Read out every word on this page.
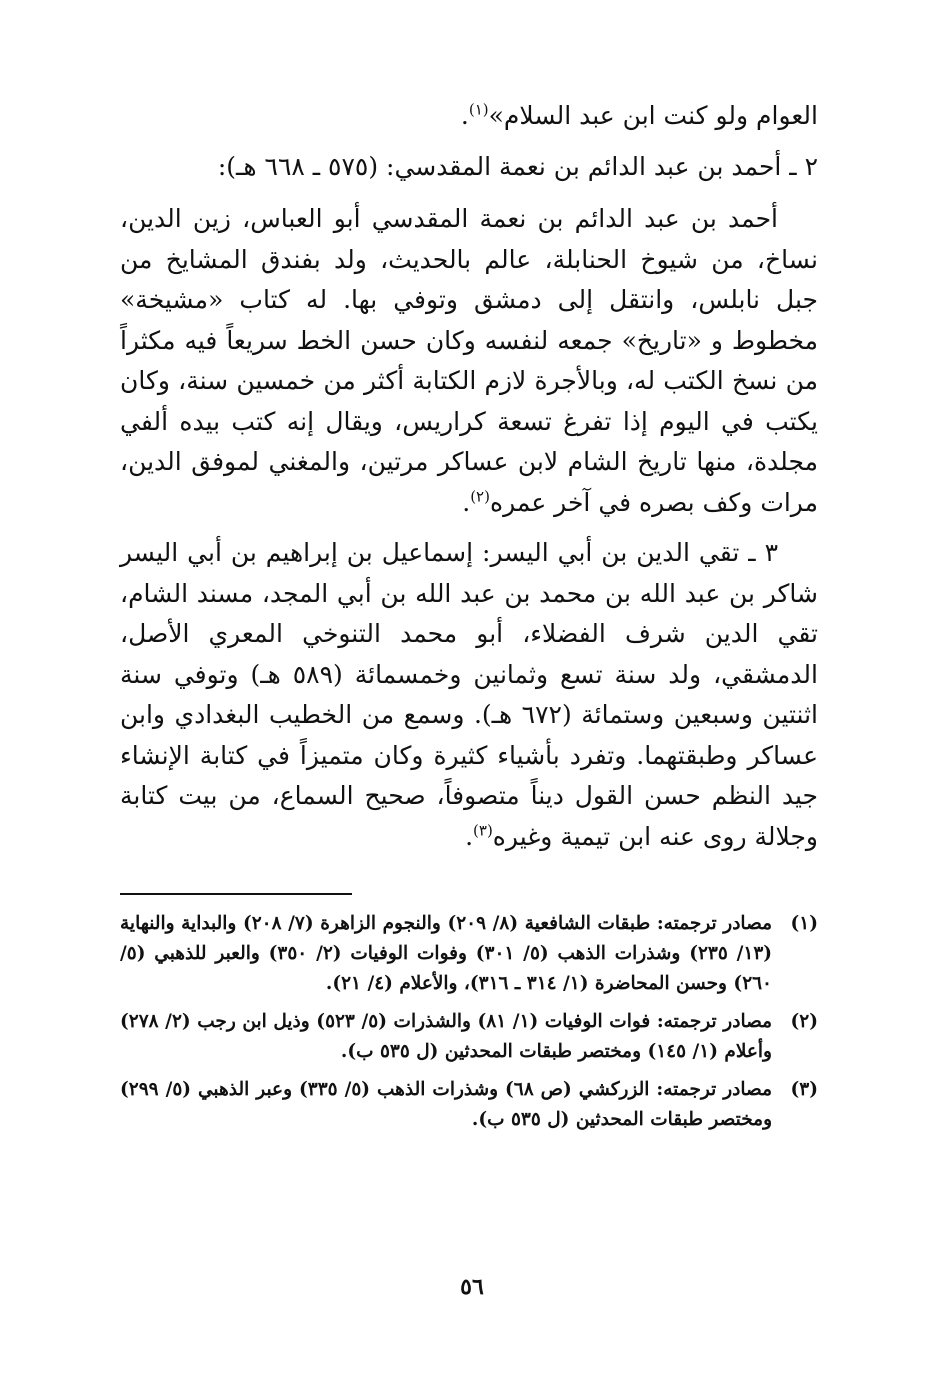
العوام ولو كنت ابن عبد السلام»$^{(١)}$.

٢ ـ أحمد بن عبد الدائم بن نعمة المقدسي: (٥٧٥ ـ ٦٦٨ هـ):

أحمد بن عبد الدائم بن نعمة المقدسي أبو العباس، زين الدين، نساخ، من شيوخ الحنابلة، عالم بالحديث، ولد بفندق المشايخ من جبل نابلس، وانتقل إلى دمشق وتوفي بها. له كتاب «مشيخة» مخطوط و «تاريخ» جمعه لنفسه وكان حسن الخط سريعاً فيه مكثراً من نسخ الكتب له، وبالأجرة لازم الكتابة أكثر من خمسين سنة، وكان يكتب في اليوم إذا تفرغ تسعة كراريس، ويقال إنه كتب بيده ألفي مجلدة، منها تاريخ الشام لابن عساكر مرتين، والمغني لموفق الدين، مرات وكف بصره في آخر عمره$^{(٢)}$.

٣ ـ تقي الدين بن أبي اليسر: إسماعيل بن إبراهيم بن أبي اليسر شاكر بن عبد الله بن محمد بن عبد الله بن أبي المجد، مسند الشام، تقي الدين شرف الفضلاء، أبو محمد التنوخي المعري الأصل، الدمشقي، ولد سنة تسع وثمانين وخمسمائة (٥٨٩ هـ) وتوفي سنة اثنتين وسبعين وستمائة (٦٧٢ هـ). وسمع من الخطيب البغدادي وابن عساكر وطبقتهما. وتفرد بأشياء كثيرة وكان متميزاً في كتابة الإنشاء جيد النظم حسن القول ديناً متصوفاً، صحيح السماع، من بيت كتابة وجلالة روى عنه ابن تيمية وغيره$^{(٣)}$.

(١)
مصادر ترجمته: طبقات الشافعية (٨/ ٢٠٩) والنجوم الزاهرة (٧/ ٢٠٨) والبداية والنهاية (١٣/ ٢٣٥) وشذرات الذهب (٥/ ٣٠١) وفوات الوفيات (٢/ ٣٥٠) والعبر للذهبي (٥/ ٢٦٠) وحسن المحاضرة (١/ ٣١٤ ـ ٣١٦)، والأعلام (٤/ ٢١).
(٢)
مصادر ترجمته: فوات الوفيات (١/ ٨١) والشذرات (٥/ ٥٢٣) وذيل ابن رجب (٢/ ٢٧٨) وأعلام (١/ ١٤٥) ومختصر طبقات المحدثين (ل ٥٣٥ ب).
(٣)
مصادر ترجمته: الزركشي (ص ٦٨) وشذرات الذهب (٥/ ٣٣٥) وعبر الذهبي (٥/ ٢٩٩) ومختصر طبقات المحدثين (ل ٥٣٥ ب).
٥٦
